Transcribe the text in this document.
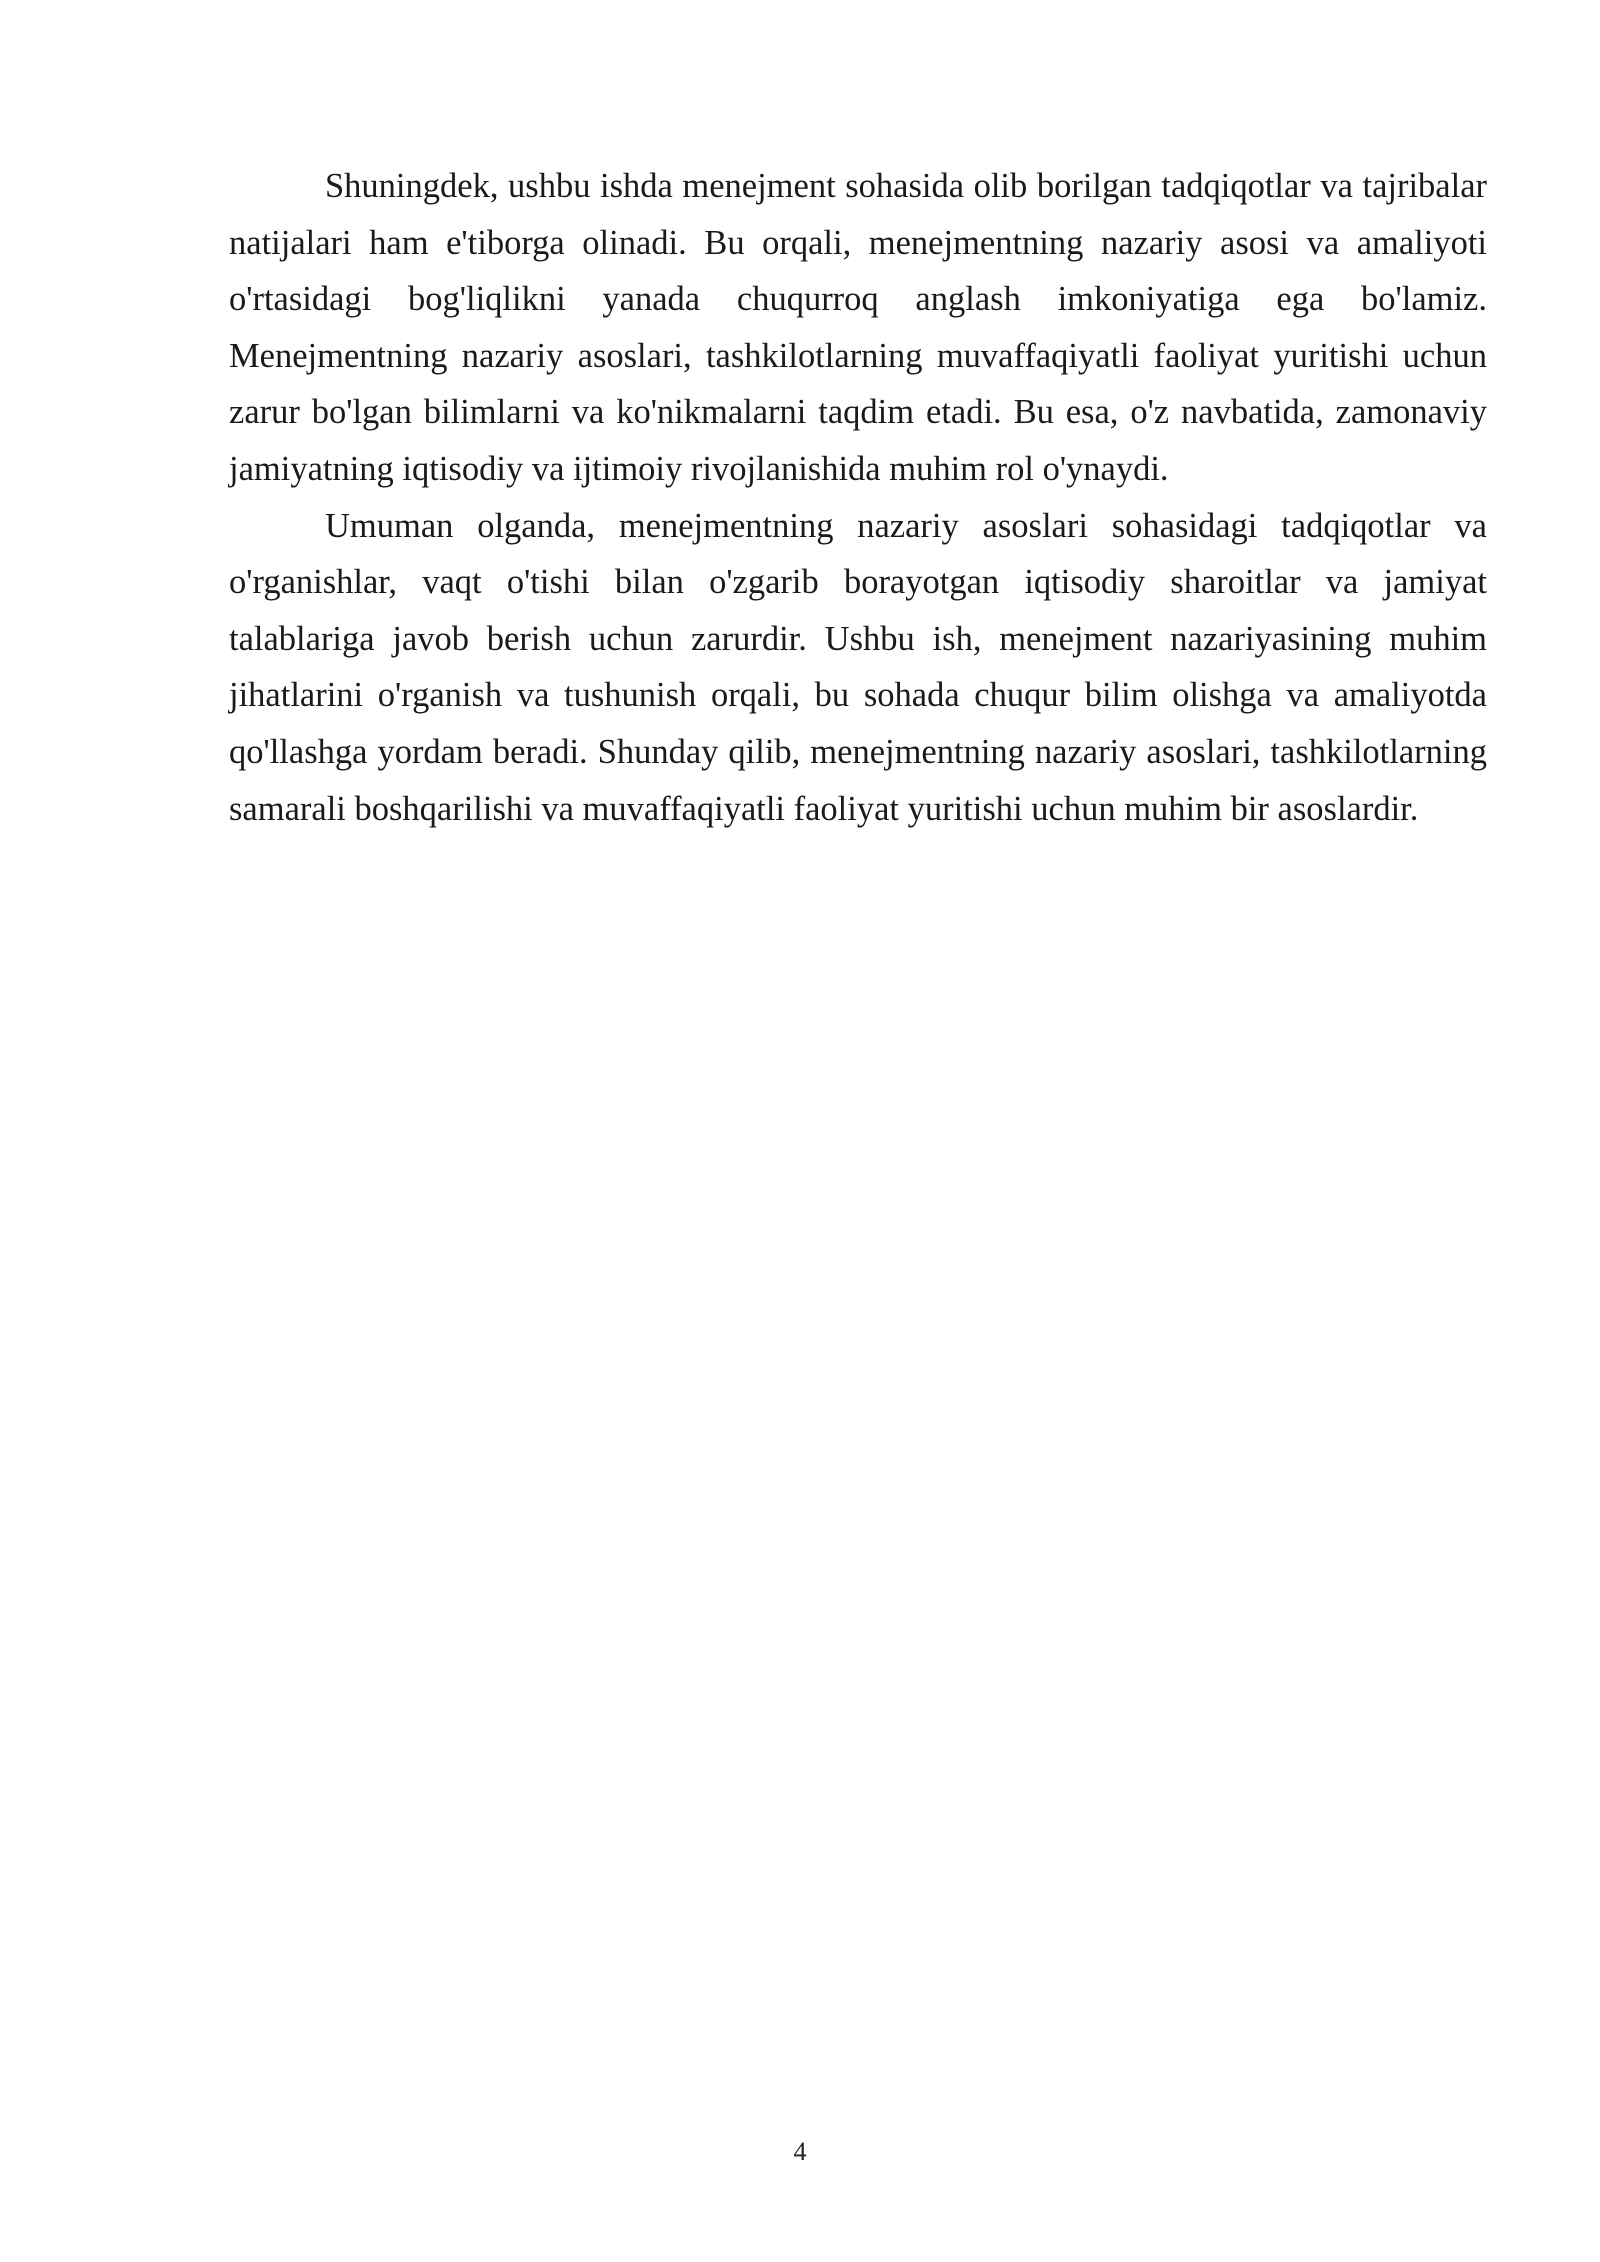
Shuningdek, ushbu ishda menejment sohasida olib borilgan tadqiqotlar va tajribalar natijalari ham e'tiborga olinadi. Bu orqali, menejmentning nazariy asosi va amaliyoti o'rtasidagi bog'liqlikni yanada chuqurroq anglash imkoniyatiga ega bo'lamiz. Menejmentning nazariy asoslari, tashkilotlarning muvaffaqiyatli faoliyat yuritishi uchun zarur bo'lgan bilimlarni va ko'nikmalarni taqdim etadi. Bu esa, o'z navbatida, zamonaviy jamiyatning iqtisodiy va ijtimoiy rivojlanishida muhim rol o'ynaydi.

Umuman olganda, menejmentning nazariy asoslari sohasidagi tadqiqotlar va o'rganishlar, vaqt o'tishi bilan o'zgarib borayotgan iqtisodiy sharoitlar va jamiyat talablariga javob berish uchun zarurdir. Ushbu ish, menejment nazariyasining muhim jihatlarini o'rganish va tushunish orqali, bu sohada chuqur bilim olishga va amaliyotda qo'llashga yordam beradi. Shunday qilib, menejmentning nazariy asoslari, tashkilotlarning samarali boshqarilishi va muvaffaqiyatli faoliyat yuritishi uchun muhim bir asoslardir.

4
